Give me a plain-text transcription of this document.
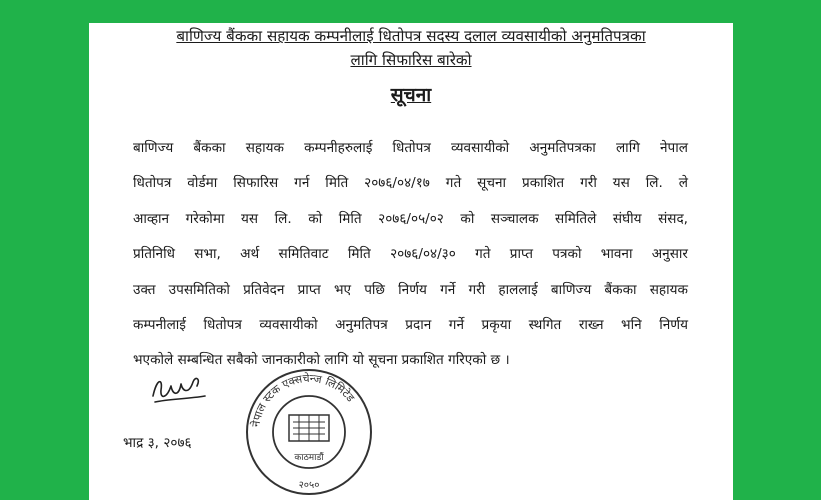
बाणिज्य बैंकका सहायक कम्पनीलाई धितोपत्र सदस्य दलाल व्यवसायीको अनुमतिपत्रका
लागि सिफारिस बारेको
सूचना
बाणिज्य बैंकका सहायक कम्पनीहरुलाई धितोपत्र व्यवसायीको अनुमतिपत्रका लागि नेपाल
धितोपत्र वोर्डमा सिफारिस गर्न मिति २०७६/०४/१७ गते सूचना प्रकाशित गरी यस लि. ले
आव्हान गरेकोमा यस लि. को मिति २०७६/०५/०२ को सञ्चालक समितिले संघीय संसद,
प्रतिनिधि सभा, अर्थ समितिवाट मिति २०७६/०४/३० गते प्राप्त पत्रको भावना अनुसार
उक्त उपसमितिको प्रतिवेदन प्राप्त भए पछि निर्णय गर्ने गरी हाललाई बाणिज्य बैंकका सहायक
कम्पनीलाई धितोपत्र व्यवसायीको अनुमतिपत्र प्रदान गर्ने प्रकृया स्थगित राख्न भनि निर्णय
भएकोले सम्बन्धित सबैको जानकारीको लागि यो सूचना प्रकाशित गरिएको छ ।
भाद्र ३, २०७६
नेपाल स्टक एक्सचेन्ज लिमिटेड
काठमाडौं
२०५०
